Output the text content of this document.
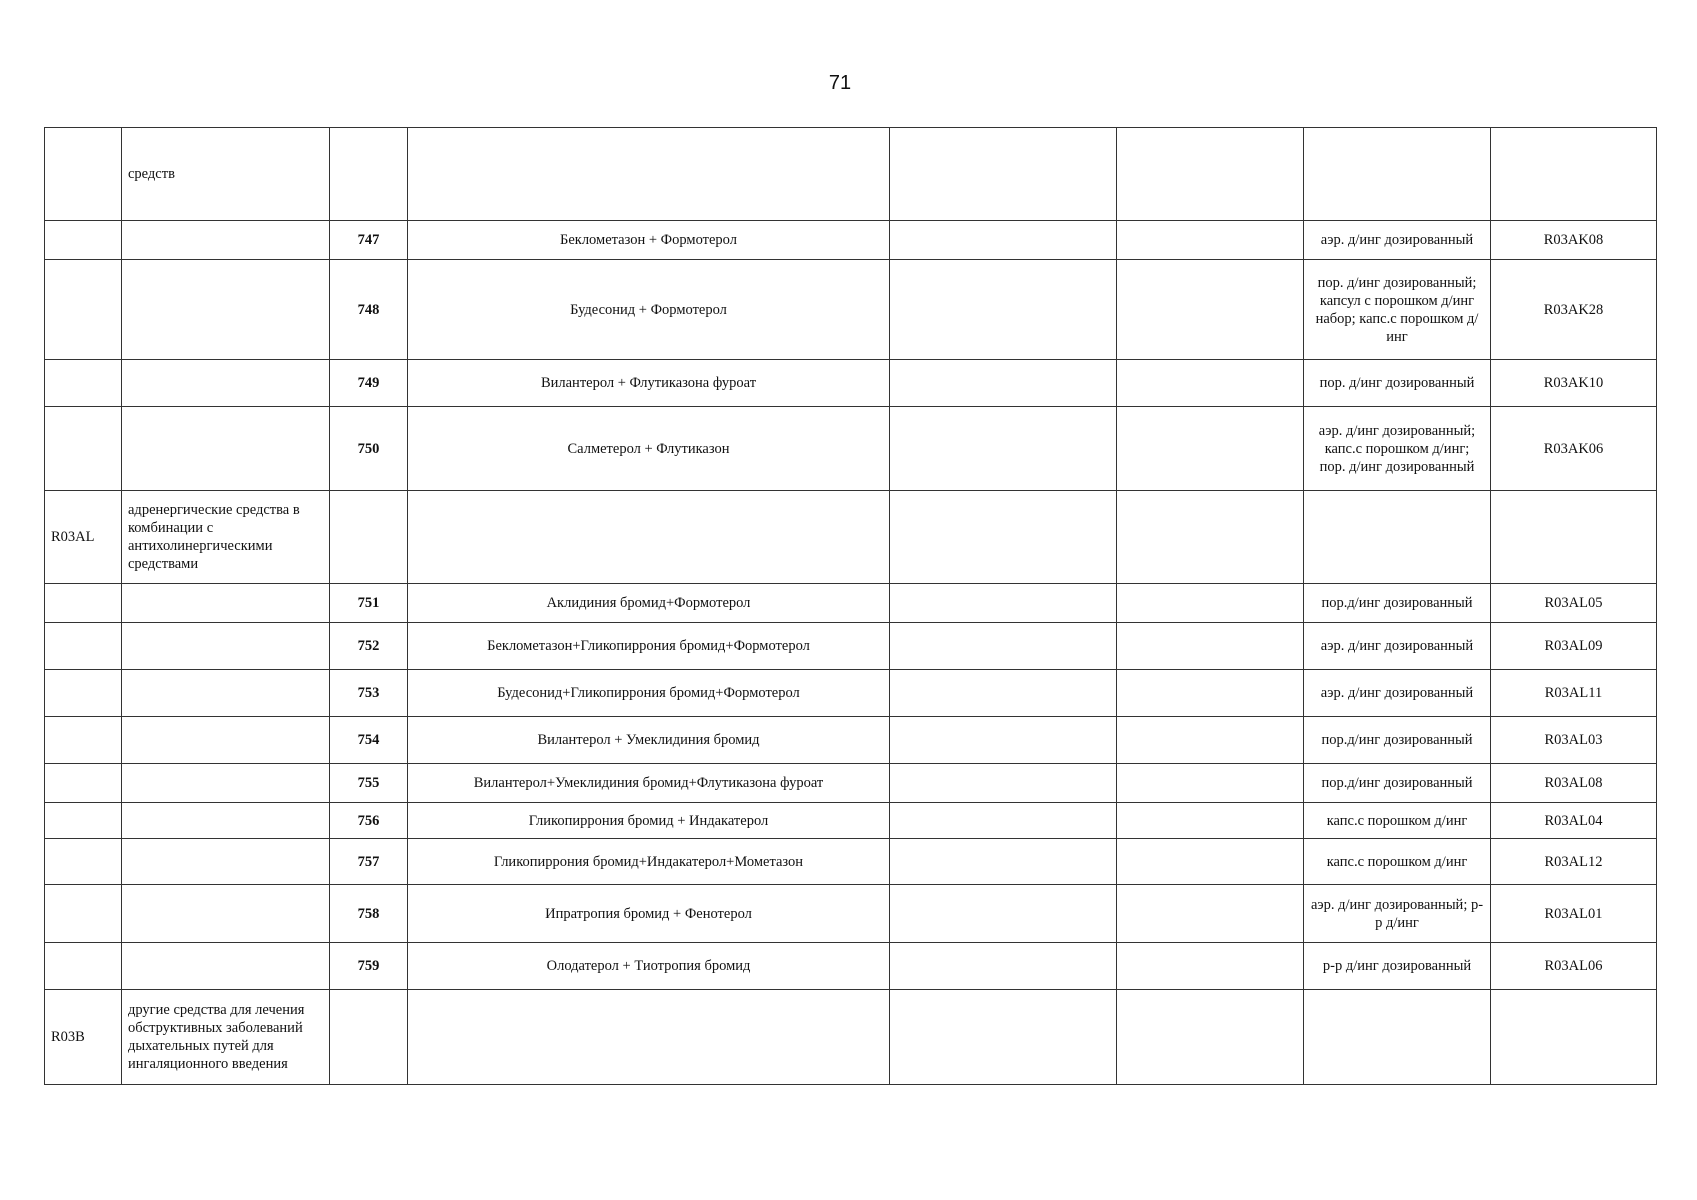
71
	средств						
		747	Беклометазон + Формотерол			аэр. д/инг дозированный	R03AK08
		748	Будесонид + Формотерол			пор. д/инг дозированный; капсул с порошком д/инг набор; капс.с порошком д/инг	R03AK28
		749	Вилантерол + Флутиказона фуроат			пор. д/инг дозированный	R03AK10
		750	Салметерол + Флутиказон			аэр. д/инг дозированный; капс.с порошком д/инг; пор. д/инг дозированный	R03AK06
R03AL	адренергические средства в комбинации с антихолинергическими средствами						
		751	Аклидиния бромид+Формотерол			пор.д/инг дозированный	R03AL05
		752	Беклометазон+Гликопиррония бромид+Формотерол			аэр. д/инг дозированный	R03AL09
		753	Будесонид+Гликопиррония бромид+Формотерол			аэр. д/инг дозированный	R03AL11
		754	Вилантерол + Умеклидиния бромид			пор.д/инг дозированный	R03AL03
		755	Вилантерол+Умеклидиния бромид+Флутиказона фуроат			пор.д/инг дозированный	R03AL08
		756	Гликопиррония бромид + Индакатерол			капс.с порошком д/инг	R03AL04
		757	Гликопиррония бромид+Индакатерол+Мометазон			капс.с порошком д/инг	R03AL12
		758	Ипратропия бромид + Фенотерол			аэр. д/инг дозированный; р-р д/инг	R03AL01
		759	Олодатерол + Тиотропия бромид			р-р д/инг дозированный	R03AL06
R03B	другие средства для лечения обструктивных заболеваний дыхательных путей для ингаляционного введения						
